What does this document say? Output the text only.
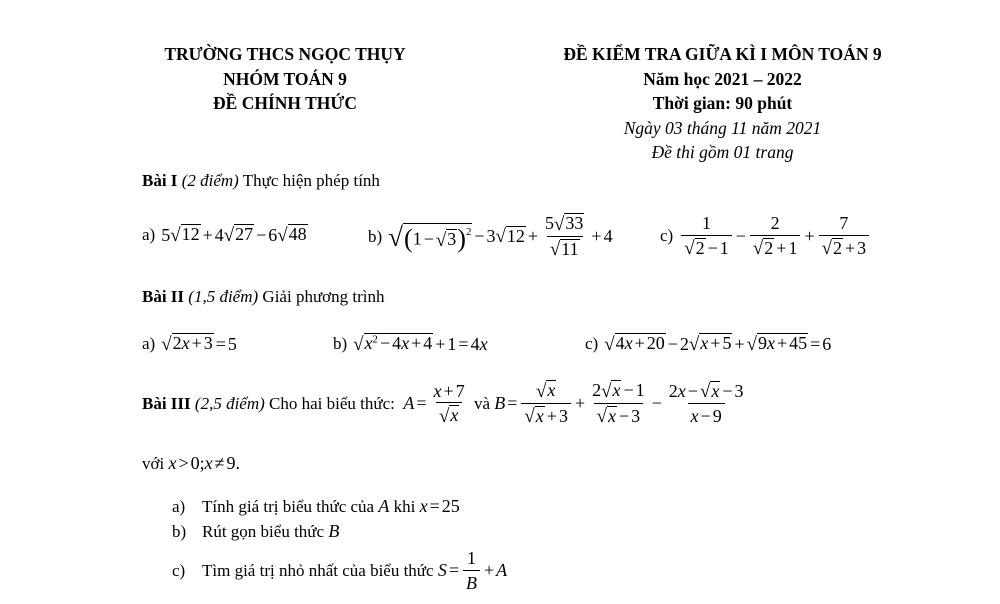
TRƯỜNG THCS NGỌC THỤY
NHÓM TOÁN 9
ĐỀ CHÍNH THỨC
ĐỀ KIỂM TRA GIỮA KÌ I MÔN TOÁN 9
Năm học 2021 – 2022
Thời gian: 90 phút
Ngày 03 tháng 11 năm 2021
Đề thi gồm 01 trang
Bài I (2 điểm) Thực hiện phép tính
a) 5 √12 + 4 √27 − 6 √48	b) $√(1 - √3)^2 - 3$ $√12 + \frac{5√33}{√11} + 4$	$c) \frac{1}{√2 - 1} - \frac{2}{√2 + 1} + \frac{7}{√2 + 3}$
Bài II (1,5 điểm) Giải phương trình
a) √2x + 3 = 5	b) $√x^2 - 4x + 4 + 1 = 4$ x	c) √4x + 20 − 2 √x + 5 + √9x + 45 = 6
Bài III
(2,5 điểm)
Cho hai biểu thức:
$A = \frac{x + 7}{√x}$
và
$B = \frac{√x}{√x + 3} + \frac{2√x - 1}{√x - 3} - \frac{2x - √x - 3}{x - 9}$
với
x > 0;x ≠ 9.
a) Tính giá trị biểu thức của
A
khi
x = 25
b) Rút gọn biểu thức
B
c) Tìm giá trị nhỏ nhất của biểu thức
$S = \frac{1}{B} + A$
